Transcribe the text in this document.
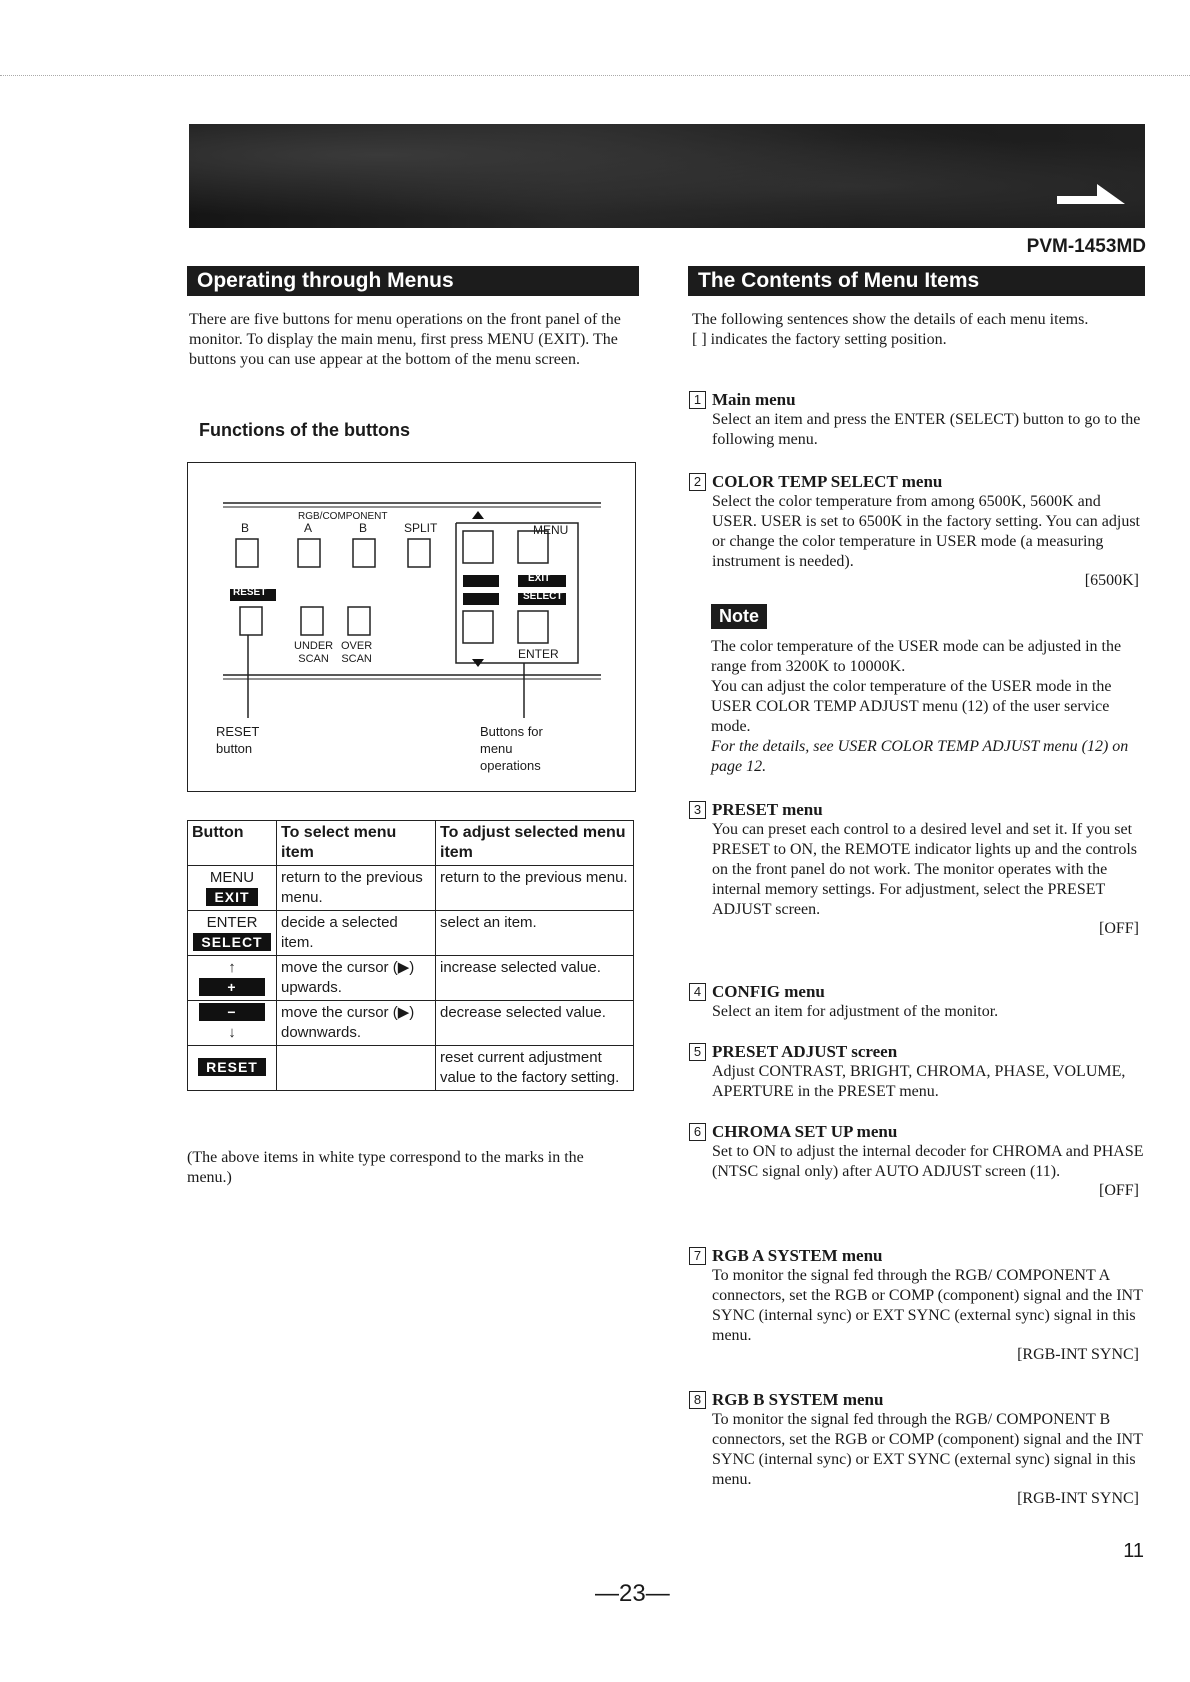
PVM-1453MD
Operating through Menus
There are five buttons for menu operations on the front panel of the monitor. To display the main menu, first press MENU (EXIT). The buttons you can use appear at the bottom of the menu screen.
Functions of the buttons
RGB/COMPONENT
B	A	B	SPLIT	MENU
EXIT
SELECT
RESET
UNDER
SCAN
OVER
SCAN	ENTER
RESET
button
Buttons for
menu
operations
Button	To select menu item	To adjust selected menu item

MENU
EXIT	return to the previous menu.	return to the previous menu.

ENTER
SELECT	decide a selected item.	select an item.

↑
+	move the cursor (▶) upwards.	increase selected value.
−
↓	move the cursor (▶) downwards.	decrease selected value.
RESET		reset current adjustment value to the factory setting.
(The above items in white type correspond to the marks in the menu.)
The Contents of Menu Items
The following sentences show the details of each menu items.
[ ] indicates the factory setting position.
1 Main menu
Select an item and press the ENTER (SELECT) button to go to the following menu.
2 COLOR TEMP SELECT menu
Select the color temperature from among 6500K, 5600K and USER. USER is set to 6500K in the factory setting. You can adjust or change the color temperature in USER mode (a measuring instrument is needed).
[6500K]
Note
The color temperature of the USER mode can be adjusted in the range from 3200K to 10000K.
You can adjust the color temperature of the USER mode in the USER COLOR TEMP ADJUST menu (12) of the user service mode.
For the details, see USER COLOR TEMP ADJUST menu (12) on page 12.
3 PRESET menu
You can preset each control to a desired level and set it. If you set PRESET to ON, the REMOTE indicator lights up and the controls on the front panel do not work. The monitor operates with the internal memory settings. For adjustment, select the PRESET ADJUST screen.
[OFF]
4 CONFIG menu
Select an item for adjustment of the monitor.
5 PRESET ADJUST screen
Adjust CONTRAST, BRIGHT, CHROMA, PHASE, VOLUME, APERTURE in the PRESET menu.
6 CHROMA SET UP menu
Set to ON to adjust the internal decoder for CHROMA and PHASE (NTSC signal only) after AUTO ADJUST screen (11).
[OFF]
7 RGB A SYSTEM menu
To monitor the signal fed through the RGB/ COMPONENT A connectors, set the RGB or COMP (component) signal and the INT SYNC (internal sync) or EXT SYNC (external sync) signal in this menu.
[RGB-INT SYNC]
8 RGB B SYSTEM menu
To monitor the signal fed through the RGB/ COMPONENT B connectors, set the RGB or COMP (component) signal and the INT SYNC (internal sync) or EXT SYNC (external sync) signal in this menu.
[RGB-INT SYNC]
11
—23—
